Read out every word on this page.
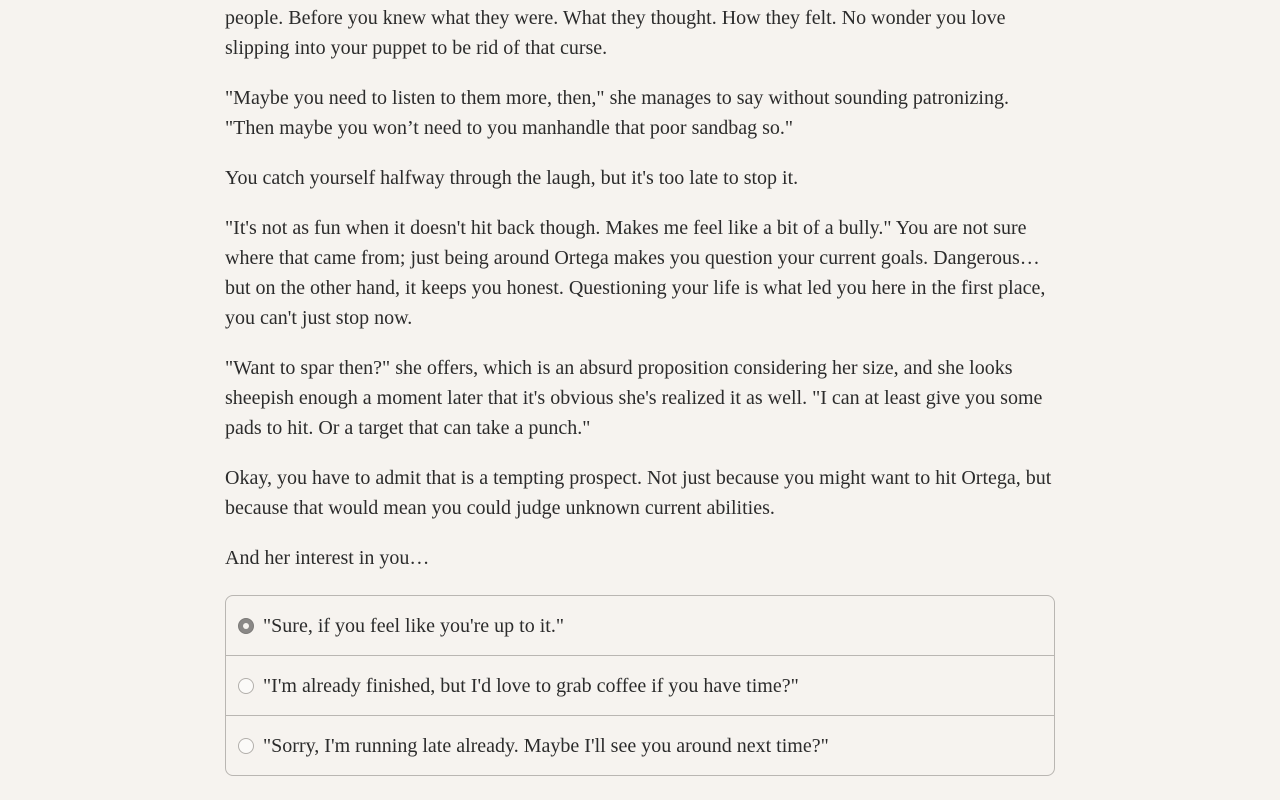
people. Before you knew what they were. What they thought. How they felt. No wonder you love slipping into your puppet to be rid of that curse.

"Maybe you need to listen to them more, then," she manages to say without sounding patronizing. "Then maybe you won’t need to you manhandle that poor sandbag so."

You catch yourself halfway through the laugh, but it's too late to stop it.

"It's not as fun when it doesn't hit back though. Makes me feel like a bit of a bully." You are not sure where that came from; just being around Ortega makes you question your current goals. Dangerous… but on the other hand, it keeps you honest. Questioning your life is what led you here in the first place, you can't just stop now.

"Want to spar then?" she offers, which is an absurd proposition considering her size, and she looks sheepish enough a moment later that it's obvious she's realized it as well. "I can at least give you some pads to hit. Or a target that can take a punch."

Okay, you have to admit that is a tempting prospect. Not just because you might want to hit Ortega, but because that would mean you could judge unknown current abilities.

And her interest in you…

"Sure, if you feel like you're up to it."
"I'm already finished, but I'd love to grab coffee if you have time?"
"Sorry, I'm running late already. Maybe I'll see you around next time?"
